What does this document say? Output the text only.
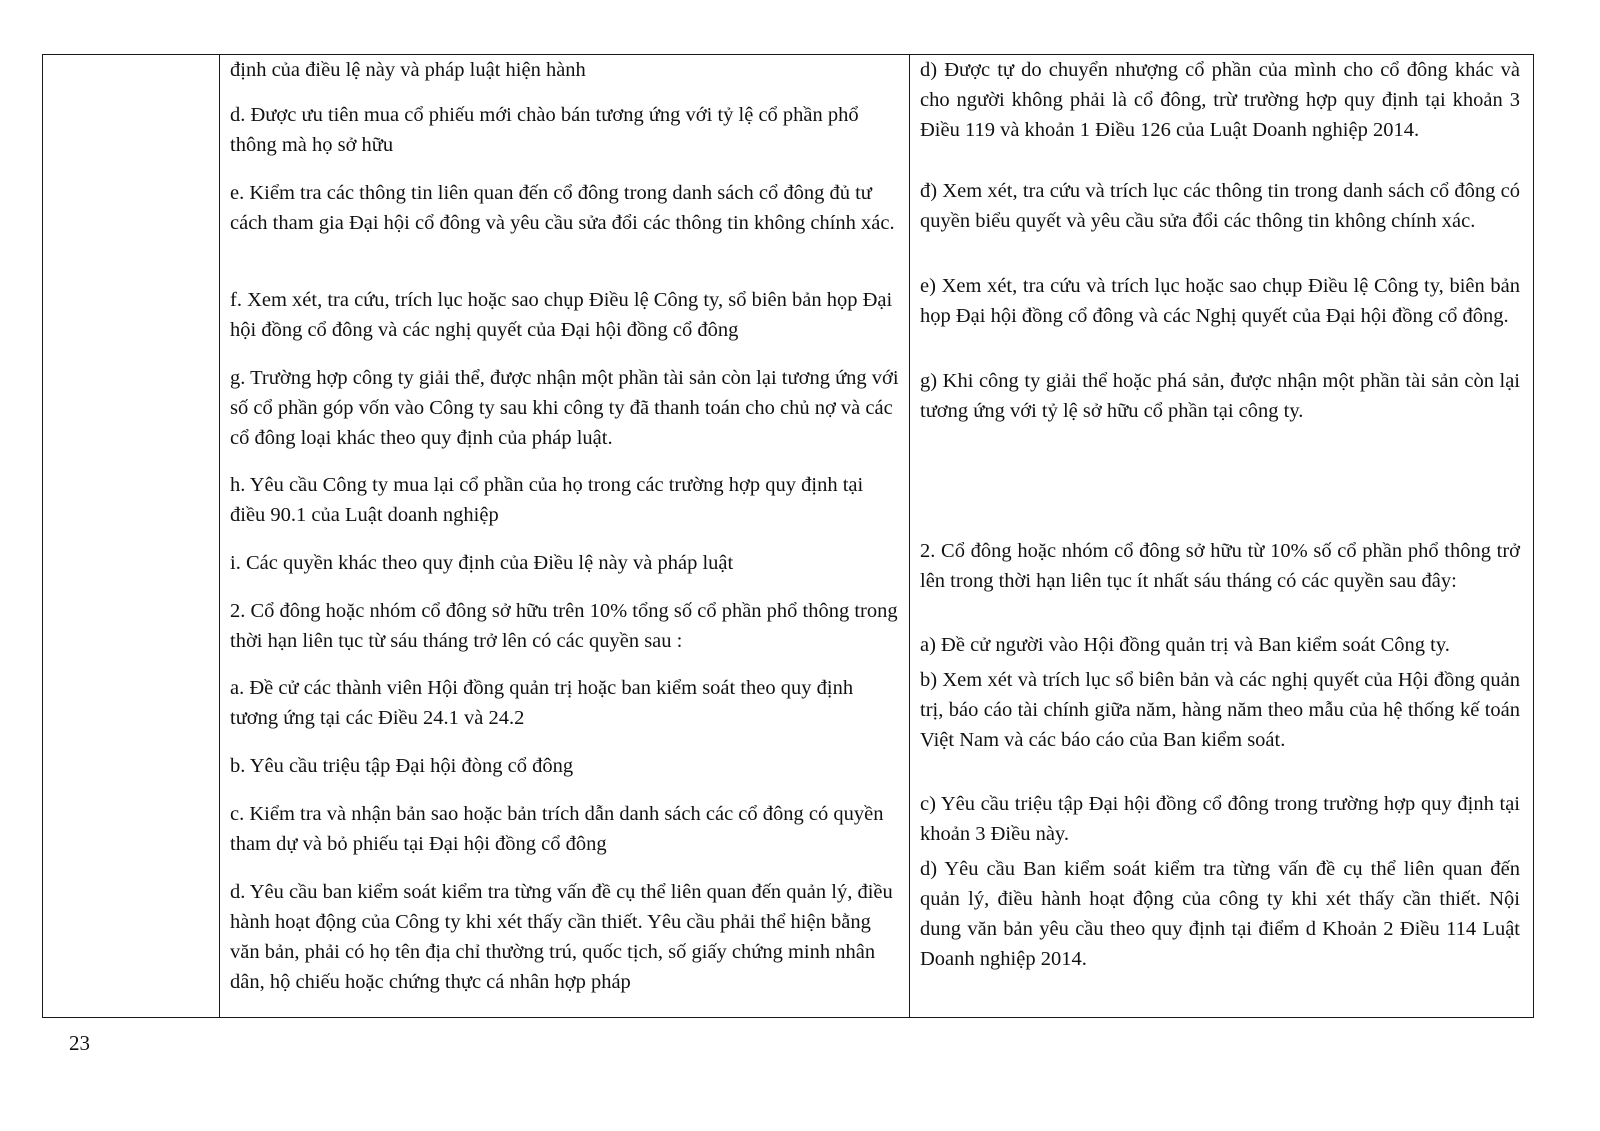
định của điều lệ này và pháp luật hiện hành

d. Được ưu tiên mua cổ phiếu mới chào bán tương ứng với tỷ lệ cổ phần phổ thông mà họ sở hữu

e. Kiểm tra các thông tin liên quan đến cổ đông trong danh sách cổ đông đủ tư cách tham gia Đại hội cổ đông và yêu cầu sửa đổi các thông tin không chính xác.

f. Xem xét, tra cứu, trích lục hoặc sao chụp Điều lệ Công ty, sổ biên bản họp Đại hội đồng cổ đông và các nghị quyết của Đại hội đồng cổ đông

g. Trường hợp công ty giải thể, được nhận một phần tài sản còn lại tương ứng với số cổ phần góp vốn vào Công ty sau khi công ty đã thanh toán cho chủ nợ và các cổ đông loại khác theo quy định của pháp luật.

h. Yêu cầu Công ty mua lại cổ phần của họ trong các trường hợp quy định tại điều 90.1 của Luật doanh nghiệp

i. Các quyền khác theo quy định của Điều lệ này và pháp luật

2. Cổ đông hoặc nhóm cổ đông sở hữu trên 10% tổng số cổ phần phổ thông trong thời hạn liên tục từ sáu tháng trở lên có các quyền sau :

a. Đề cử các thành viên Hội đồng quản trị hoặc ban kiểm soát theo quy định tương ứng tại các Điều 24.1 và 24.2

b. Yêu cầu triệu tập Đại hội đòng cổ đông

c. Kiểm tra và nhận bản sao hoặc bản trích dẫn danh sách các cổ đông có quyền tham dự và bỏ phiếu tại Đại hội đồng cổ đông

d. Yêu cầu ban kiểm soát kiểm tra từng vấn đề cụ thể liên quan đến quản lý, điều hành hoạt động của Công ty khi xét thấy cần thiết. Yêu cầu phải thể hiện bằng văn bản, phải có họ tên địa chỉ thường trú, quốc tịch, số giấy chứng minh nhân dân, hộ chiếu hoặc chứng thực cá nhân hợp pháp

d) Được tự do chuyển nhượng cổ phần của mình cho cổ đông khác và cho người không phải là cổ đông, trừ trường hợp quy định tại khoản 3 Điều 119 và khoản 1 Điều 126 của Luật Doanh nghiệp 2014.

đ) Xem xét, tra cứu và trích lục các thông tin trong danh sách cổ đông có quyền biểu quyết và yêu cầu sửa đổi các thông tin không chính xác.

e) Xem xét, tra cứu và trích lục hoặc sao chụp Điều lệ Công ty, biên bản họp Đại hội đồng cổ đông và các Nghị quyết của Đại hội đồng cổ đông.

g) Khi công ty giải thể hoặc phá sản, được nhận một phần tài sản còn lại tương ứng với tỷ lệ sở hữu cổ phần tại công ty.

2. Cổ đông hoặc nhóm cổ đông sở hữu từ 10% số cổ phần phổ thông trở lên trong thời hạn liên tục ít nhất sáu tháng có các quyền sau đây:

a) Đề cử người vào Hội đồng quản trị và Ban kiểm soát Công ty.

b) Xem xét và trích lục sổ biên bản và các nghị quyết của Hội đồng quản trị, báo cáo tài chính giữa năm, hàng năm theo mẫu của hệ thống kế toán Việt Nam và các báo cáo của Ban kiểm soát.

c) Yêu cầu triệu tập Đại hội đồng cổ đông trong trường hợp quy định tại khoản 3 Điều này.

d) Yêu cầu Ban kiểm soát kiểm tra từng vấn đề cụ thể liên quan đến quản lý, điều hành hoạt động của công ty khi xét thấy cần thiết. Nội dung văn bản yêu cầu theo quy định tại điểm d Khoản 2 Điều 114 Luật Doanh nghiệp 2014.

23
